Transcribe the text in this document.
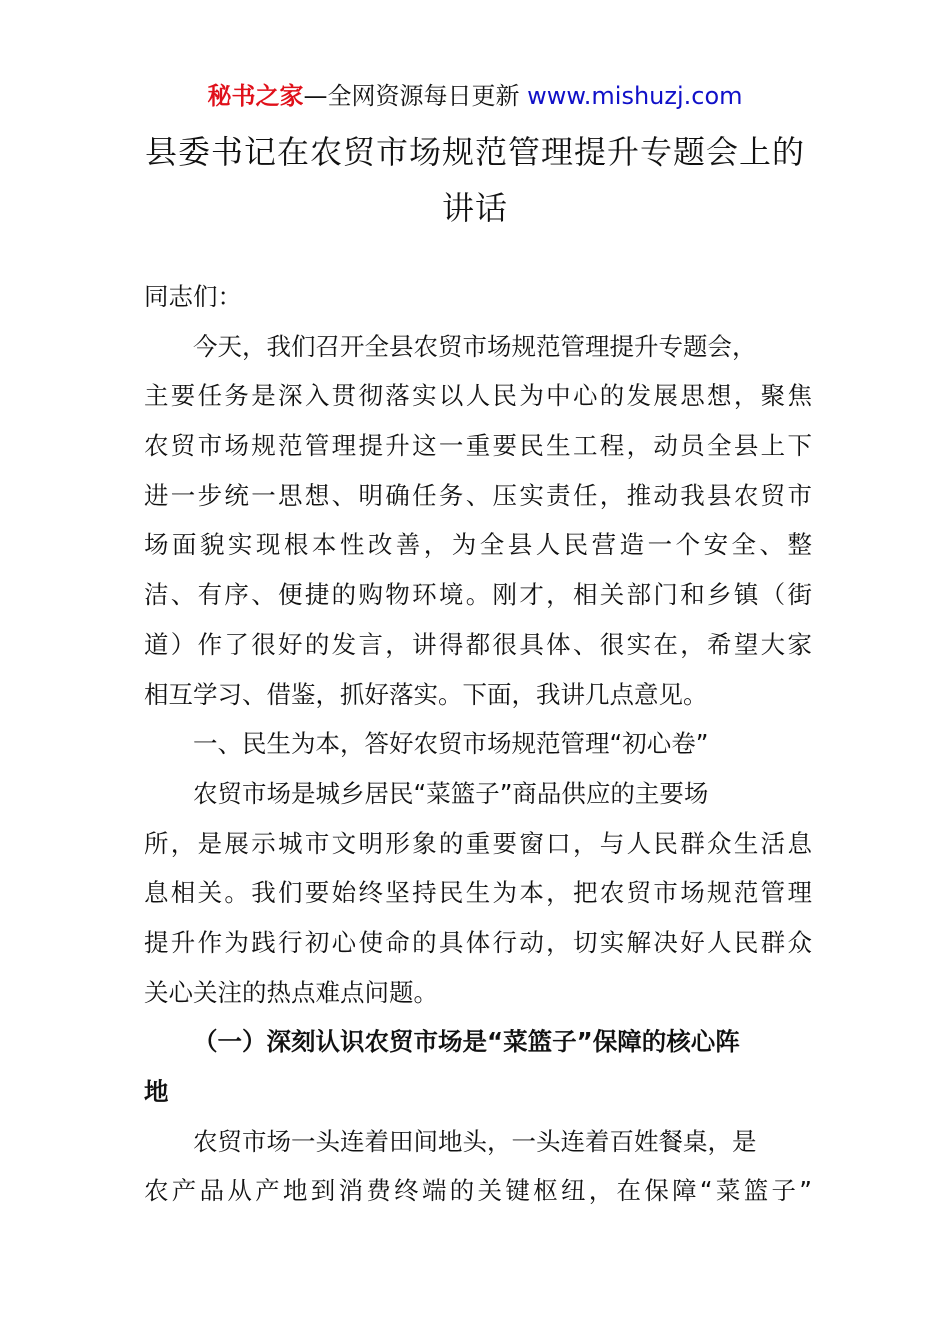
秘书之家—全网资源每日更新 www.mishuzj.com
县委书记在农贸市场规范管理提升专题会上的
讲话
同志们：
今天，我们召开全县农贸市场规范管理提升专题会，
主要任务是深入贯彻落实以人民为中心的发展思想，聚焦
农贸市场规范管理提升这一重要民生工程，动员全县上下
进一步统一思想、明确任务、压实责任，推动我县农贸市
场面貌实现根本性改善，为全县人民营造一个安全、整
洁、有序、便捷的购物环境。刚才，相关部门和乡镇（街
道）作了很好的发言，讲得都很具体、很实在，希望大家
相互学习、借鉴，抓好落实。下面，我讲几点意见。
一、民生为本，答好农贸市场规范管理“初心卷”
农贸市场是城乡居民“菜篮子”商品供应的主要场
所，是展示城市文明形象的重要窗口，与人民群众生活息
息相关。我们要始终坚持民生为本，把农贸市场规范管理
提升作为践行初心使命的具体行动，切实解决好人民群众
关心关注的热点难点问题。
（一）深刻认识农贸市场是“菜篮子”保障的核心阵
地
农贸市场一头连着田间地头，一头连着百姓餐桌，是
农产品从产地到消费终端的关键枢纽，在保障“菜篮子”
